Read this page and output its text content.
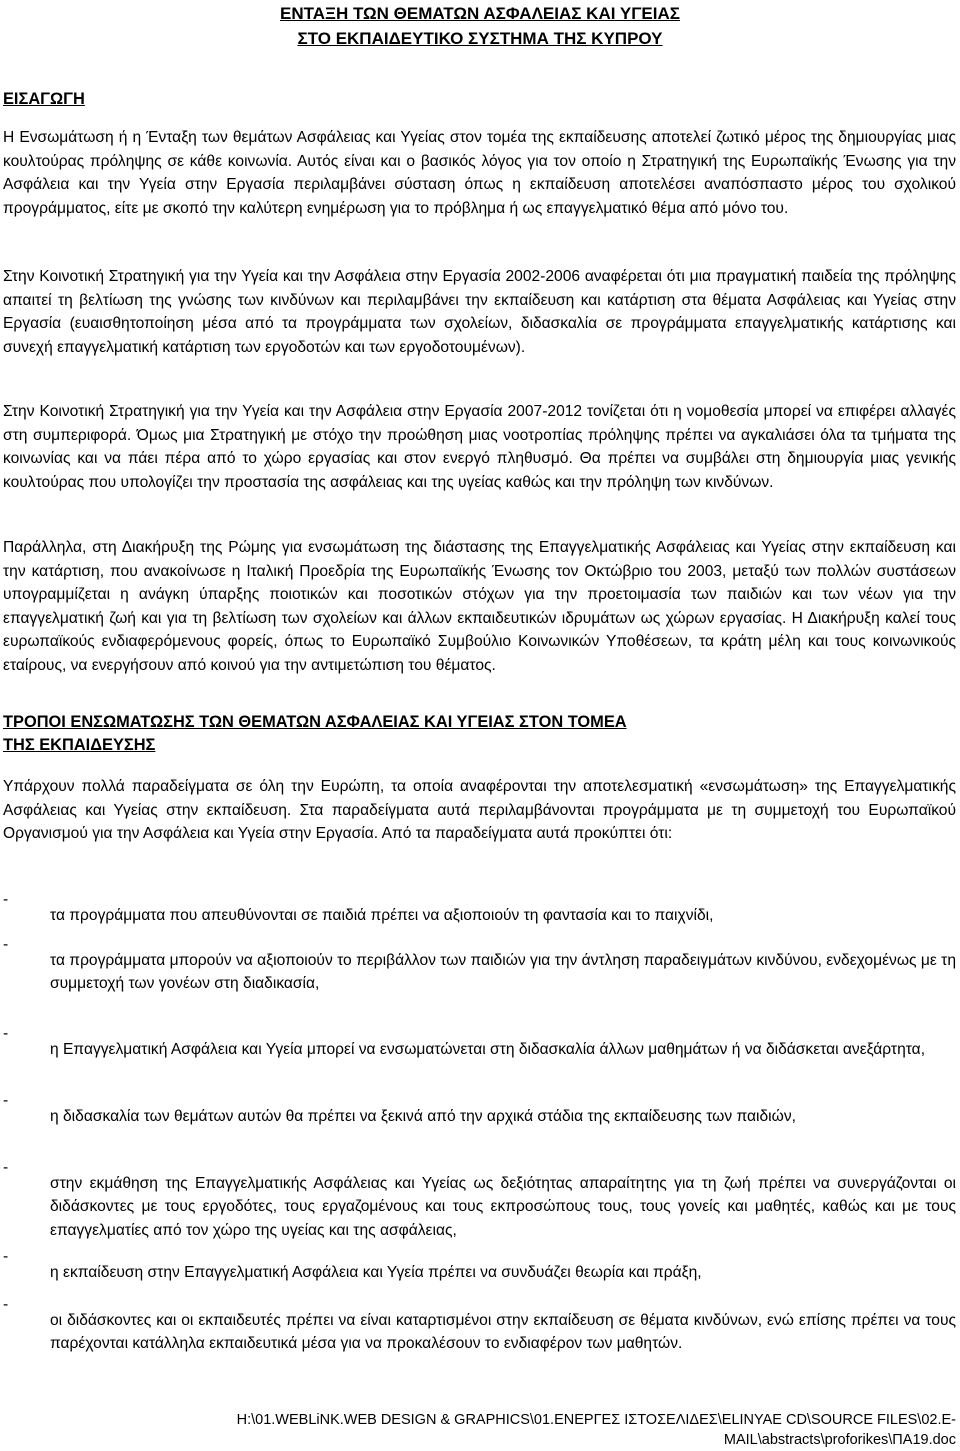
ΕΝΤΑΞΗ ΤΩΝ ΘΕΜΑΤΩΝ ΑΣΦΑΛΕΙΑΣ ΚΑΙ ΥΓΕΙΑΣ

ΣΤΟ ΕΚΠΑΙΔΕΥΤΙΚΟ ΣΥΣΤΗΜΑ ΤΗΣ ΚΥΠΡΟΥ

ΕΙΣΑΓΩΓΗ

Η Ενσωμάτωση ή η Ένταξη των θεμάτων Ασφάλειας και Υγείας στον τομέα της εκπαίδευσης αποτελεί ζωτικό μέρος της δημιουργίας μιας κουλτούρας πρόληψης σε κάθε κοινωνία. Αυτός είναι και ο βασικός λόγος για τον οποίο η Στρατηγική της Ευρωπαϊκής Ένωσης για την Ασφάλεια και την Υγεία στην Εργασία περιλαμβάνει σύσταση όπως η εκπαίδευση αποτελέσει αναπόσπαστο μέρος του σχολικού προγράμματος, είτε με σκοπό την καλύτερη ενημέρωση για το πρόβλημα ή ως επαγγελματικό θέμα από μόνο του.

Στην Κοινοτική Στρατηγική για την Υγεία και την Ασφάλεια στην Εργασία 2002-2006 αναφέρεται ότι μια πραγματική παιδεία της πρόληψης απαιτεί τη βελτίωση της γνώσης των κινδύνων και περιλαμβάνει την εκπαίδευση και κατάρτιση στα θέματα Ασφάλειας και Υγείας στην Εργασία (ευαισθητοποίηση μέσα από τα προγράμματα των σχολείων, διδασκαλία σε προγράμματα επαγγελματικής κατάρτισης και συνεχή επαγγελματική κατάρτιση των εργοδοτών και των εργοδοτουμένων).

Στην Κοινοτική Στρατηγική για την Υγεία και την Ασφάλεια στην Εργασία 2007-2012 τονίζεται ότι η νομοθεσία μπορεί να επιφέρει αλλαγές στη συμπεριφορά. Όμως μια Στρατηγική με στόχο την προώθηση μιας νοοτροπίας πρόληψης πρέπει να αγκαλιάσει όλα τα τμήματα της κοινωνίας και να πάει πέρα από το χώρο εργασίας και στον ενεργό πληθυσμό. Θα πρέπει να συμβάλει στη δημιουργία μιας γενικής κουλτούρας που υπολογίζει την προστασία της ασφάλειας και της υγείας καθώς και την πρόληψη των κινδύνων.

Παράλληλα, στη Διακήρυξη της Ρώμης για ενσωμάτωση της διάστασης της Επαγγελματικής Ασφάλειας και Υγείας στην εκπαίδευση και την κατάρτιση, που ανακοίνωσε η Ιταλική Προεδρία της Ευρωπαϊκής Ένωσης τον Οκτώβριο του 2003, μεταξύ των πολλών συστάσεων υπογραμμίζεται η ανάγκη ύπαρξης ποιοτικών και ποσοτικών στόχων για την προετοιμασία των παιδιών και των νέων για την επαγγελματική ζωή και για τη βελτίωση των σχολείων και άλλων εκπαιδευτικών ιδρυμάτων ως χώρων εργασίας. Η Διακήρυξη καλεί τους ευρωπαϊκούς ενδιαφερόμενους φορείς, όπως το Ευρωπαϊκό Συμβούλιο Κοινωνικών Υποθέσεων, τα κράτη μέλη και τους κοινωνικούς εταίρους, να ενεργήσουν από κοινού για την αντιμετώπιση του θέματος.

ΤΡΟΠΟΙ ΕΝΣΩΜΑΤΩΣΗΣ ΤΩΝ ΘΕΜΑΤΩΝ ΑΣΦΑΛΕΙΑΣ ΚΑΙ ΥΓΕΙΑΣ ΣΤΟΝ ΤΟΜΕΑ

ΤΗΣ ΕΚΠΑΙΔΕΥΣΗΣ

Υπάρχουν πολλά παραδείγματα σε όλη την Ευρώπη, τα οποία αναφέρονται την αποτελεσματική «ενσωμάτωση» της Επαγγελματικής Ασφάλειας και Υγείας στην εκπαίδευση. Στα παραδείγματα αυτά περιλαμβάνονται προγράμματα με τη συμμετοχή του Ευρωπαϊκού Οργανισμού για την Ασφάλεια και Υγεία στην Εργασία. Από τα παραδείγματα αυτά προκύπτει ότι:

-

τα προγράμματα που απευθύνονται σε παιδιά πρέπει να αξιοποιούν τη φαντασία και το παιχνίδι,

-

τα προγράμματα μπορούν να αξιοποιούν το περιβάλλον των παιδιών για την άντληση παραδειγμάτων κινδύνου, ενδεχομένως με τη συμμετοχή των γονέων στη διαδικασία,

-

η Επαγγελματική Ασφάλεια και Υγεία μπορεί να ενσωματώνεται στη διδασκαλία άλλων μαθημάτων ή να διδάσκεται ανεξάρτητα,

-

η διδασκαλία των θεμάτων αυτών θα πρέπει να ξεκινά από την αρχικά στάδια της εκπαίδευσης των παιδιών,

-

στην εκμάθηση της Επαγγελματικής Ασφάλειας και Υγείας ως δεξιότητας απαραίτητης για τη ζωή πρέπει να συνεργάζονται οι διδάσκοντες με τους εργοδότες, τους εργαζομένους και τους εκπροσώπους τους, τους γονείς και μαθητές, καθώς και με τους επαγγελματίες από τον χώρο της υγείας και της ασφάλειας,

-

η εκπαίδευση στην Επαγγελματική Ασφάλεια και Υγεία πρέπει να συνδυάζει θεωρία και πράξη,

-

οι διδάσκοντες και οι εκπαιδευτές πρέπει να είναι καταρτισμένοι στην εκπαίδευση σε θέματα κινδύνων, ενώ επίσης πρέπει να τους παρέχονται κατάλληλα εκπαιδευτικά μέσα για να προκαλέσουν το ενδιαφέρον των μαθητών.

H:\01.WEBLiNK.WEB DESIGN & GRAPHICS\01.ΕΝΕΡΓΕΣ ΙΣΤΟΣΕΛΙΔΕΣ\ELINYAE CD\SOURCE FILES\02.E-
MAIL\abstracts\proforikes\ΠΑ19.doc
